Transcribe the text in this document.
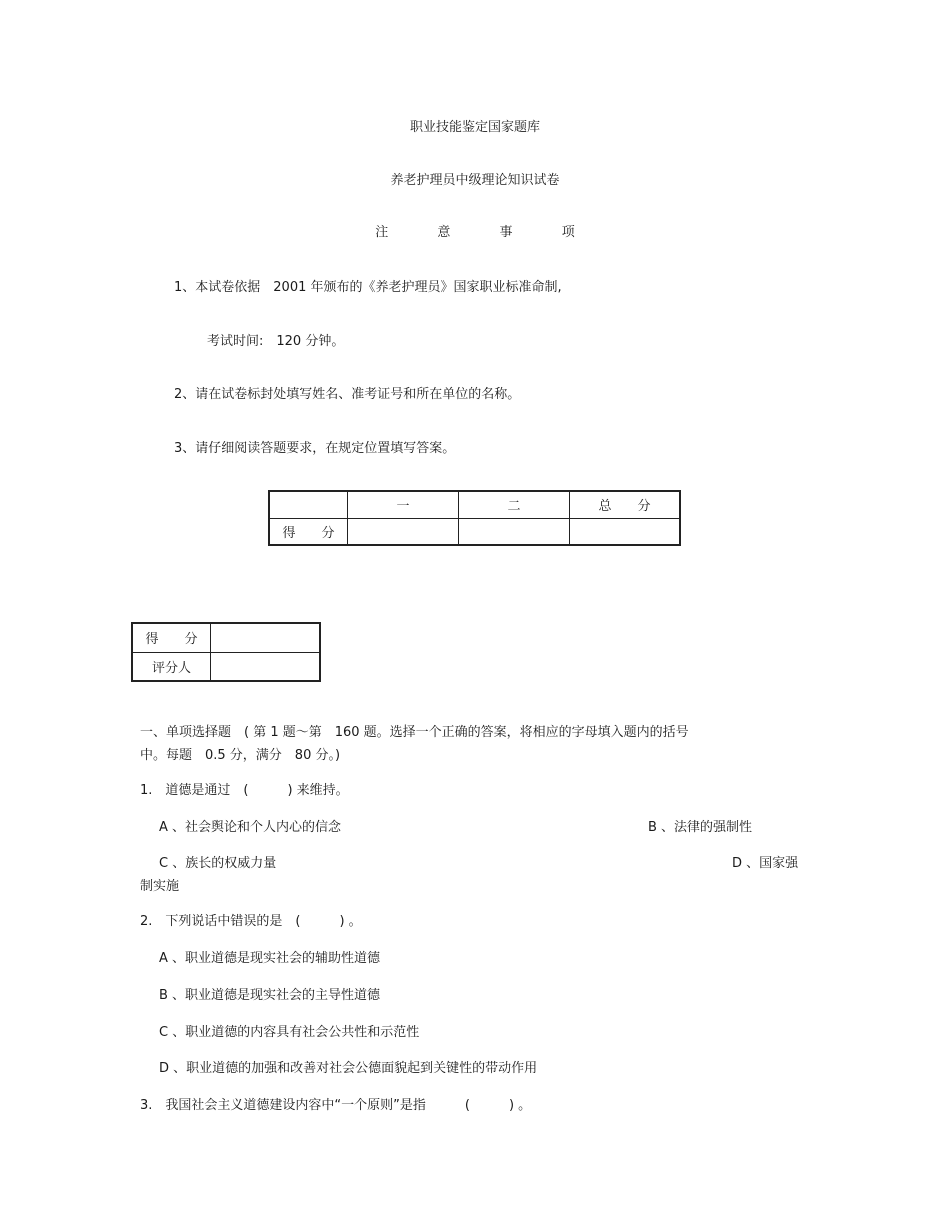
职业技能鉴定国家题库
养老护理员中级理论知识试卷
注	意	事	项
1、本试卷依据　2001 年颁布的《养老护理员》国家职业标准命制,
考试时间:　120 分钟。
2、请在试卷标封处填写姓名、准考证号和所在单位的名称。
3、请仔细阅读答题要求，在规定位置填写答案。
	一	二	总　　分
得　　分			
得　　分	
评分人	
一、单项选择题　( 第 1 题～第　160 题。选择一个正确的答案，将相应的字母填入题内的括号
中。每题　0.5 分，满分　80 分。)
1.　道德是通过　(　　　) 来维持。
A 、社会舆论和个人内心的信念	B 、法律的强制性
C 、族长的权威力量	D 、国家强
制实施
2.　下列说话中错误的是　(　　　) 。
A 、职业道德是现实社会的辅助性道德
B 、职业道德是现实社会的主导性道德
C 、职业道德的内容具有社会公共性和示范性
D 、职业道德的加强和改善对社会公德面貌起到关键性的带动作用
3.　我国社会主义道德建设内容中“一个原则”是指　　　(　　　) 。
